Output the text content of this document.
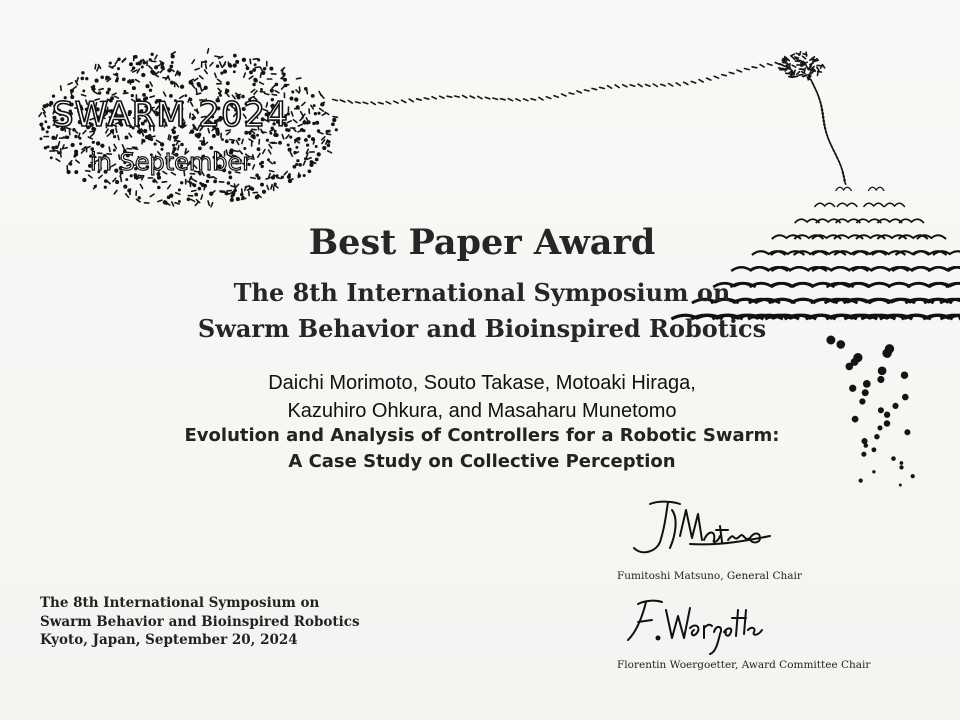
SWARM 2024
in September
Best Paper Award
The 8th International Symposium on
Swarm Behavior and Bioinspired Robotics
Daichi Morimoto, Souto Takase, Motoaki Hiraga,
Kazuhiro Ohkura, and Masaharu Munetomo
Evolution and Analysis of Controllers for a Robotic Swarm:
A Case Study on Collective Perception
The 8th International Symposium on
Swarm Behavior and Bioinspired Robotics
Kyoto, Japan, September 20, 2024
Fumitoshi Matsuno, General Chair
Florentin Woergoetter, Award Committee Chair
